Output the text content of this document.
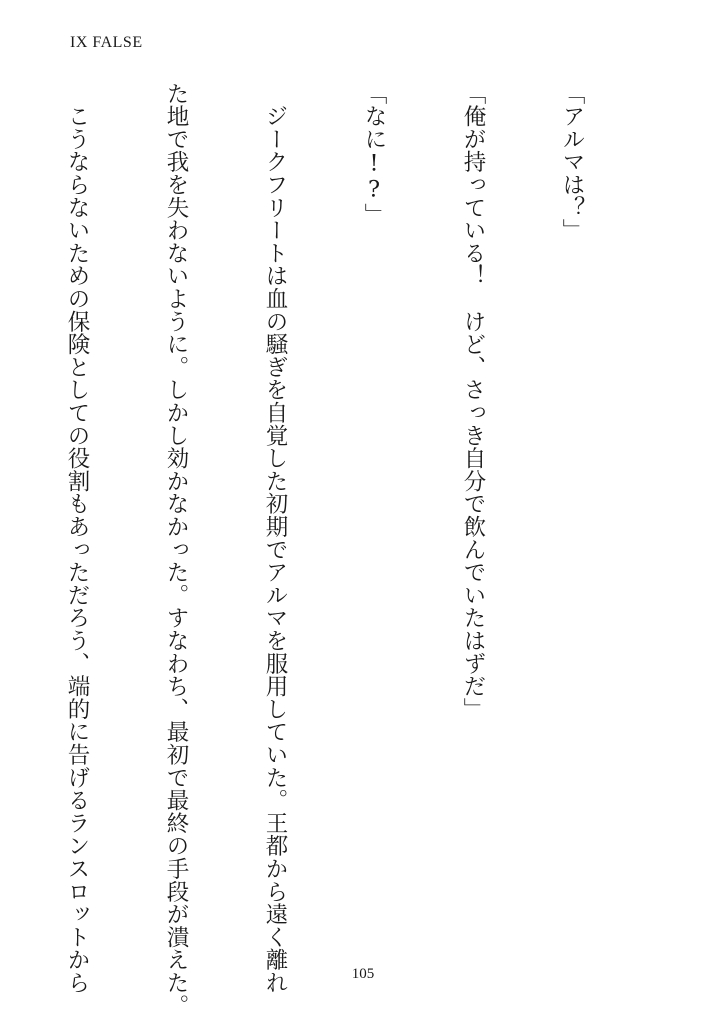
IX FALSE

「アルマは？」

「俺が持っている！　けど、さっき自分で飲んでいたはずだ」

「なに!?」

　ジークフリートは血の騒ぎを自覚した初期でアルマを服用していた。王都から遠く離れ

た地で我を失わないように。しかし効かなかった。すなわち、最初で最終の手段が潰えた。

　こうならないための保険としての役割もあっただろう、端的に告げるランスロットから

	105
